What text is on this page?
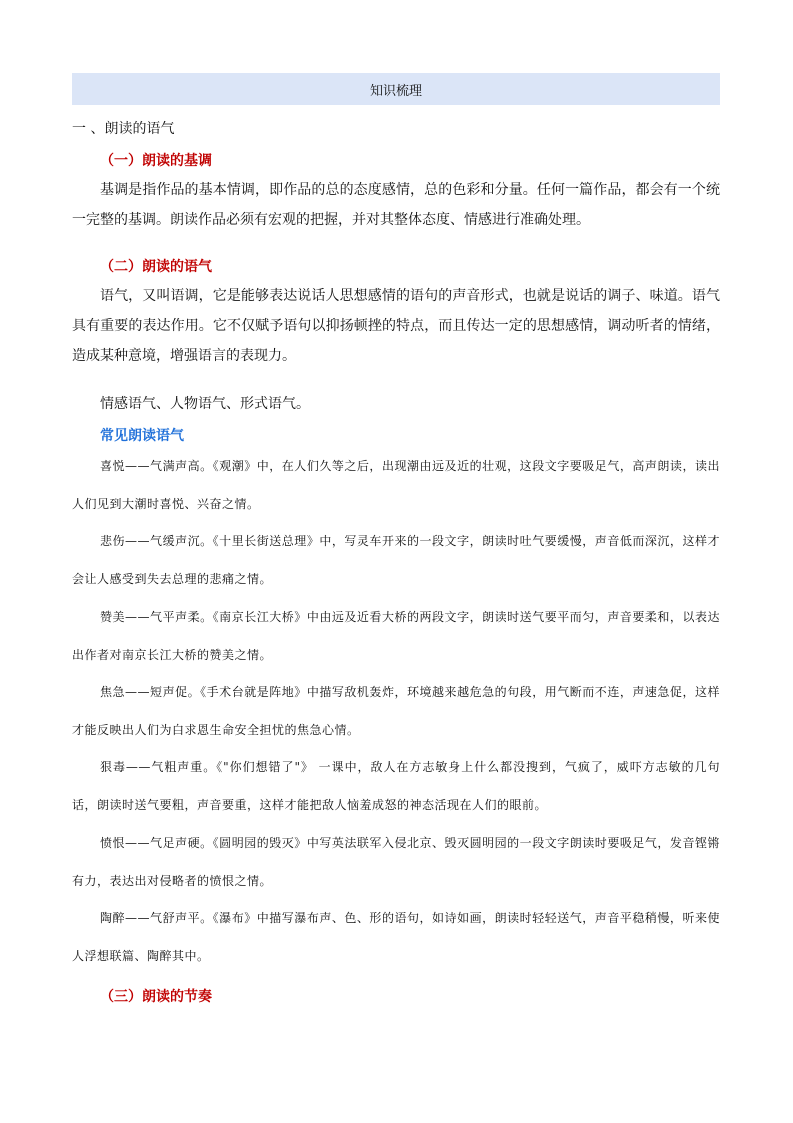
知识梳理
一 、朗读的语气
（一）朗读的基调
基调是指作品的基本情调，即作品的总的态度感情，总的色彩和分量。任何一篇作品，都会有一个统一完整的基调。朗读作品必须有宏观的把握，并对其整体态度、情感进行准确处理。
（二）朗读的语气
语气，又叫语调，它是能够表达说话人思想感情的语句的声音形式，也就是说话的调子、味道。语气具有重要的表达作用。它不仅赋予语句以抑扬顿挫的特点，而且传达一定的思想感情，调动听者的情绪，造成某种意境，增强语言的表现力。
情感语气、人物语气、形式语气。
常见朗读语气
喜悦——气满声高。《观潮》中，在人们久等之后，出现潮由远及近的壮观，这段文字要吸足气，高声朗读，读出人们见到大潮时喜悦、兴奋之情。
悲伤——气缓声沉。《十里长街送总理》中，写灵车开来的一段文字，朗读时吐气要缓慢，声音低而深沉，这样才会让人感受到失去总理的悲痛之情。
赞美——气平声柔。《南京长江大桥》中由远及近看大桥的两段文字，朗读时送气要平而匀，声音要柔和，以表达出作者对南京长江大桥的赞美之情。
焦急——短声促。《手术台就是阵地》中描写敌机轰炸，环境越来越危急的句段，用气断而不连，声速急促，这样才能反映出人们为白求恩生命安全担忧的焦急心情。
狠毒——气粗声重。《"你们想错了"》 一课中，敌人在方志敏身上什么都没搜到，气疯了，威吓方志敏的几句话，朗读时送气要粗，声音要重，这样才能把敌人恼羞成怒的神态活现在人们的眼前。
愤恨——气足声硬。《圆明园的毁灭》中写英法联军入侵北京、毁灭圆明园的一段文字朗读时要吸足气，发音铿锵有力，表达出对侵略者的愤恨之情。
陶醉——气舒声平。《瀑布》中描写瀑布声、色、形的语句，如诗如画，朗读时轻轻送气，声音平稳稍慢，听来使人浮想联篇、陶醉其中。
（三）朗读的节奏
